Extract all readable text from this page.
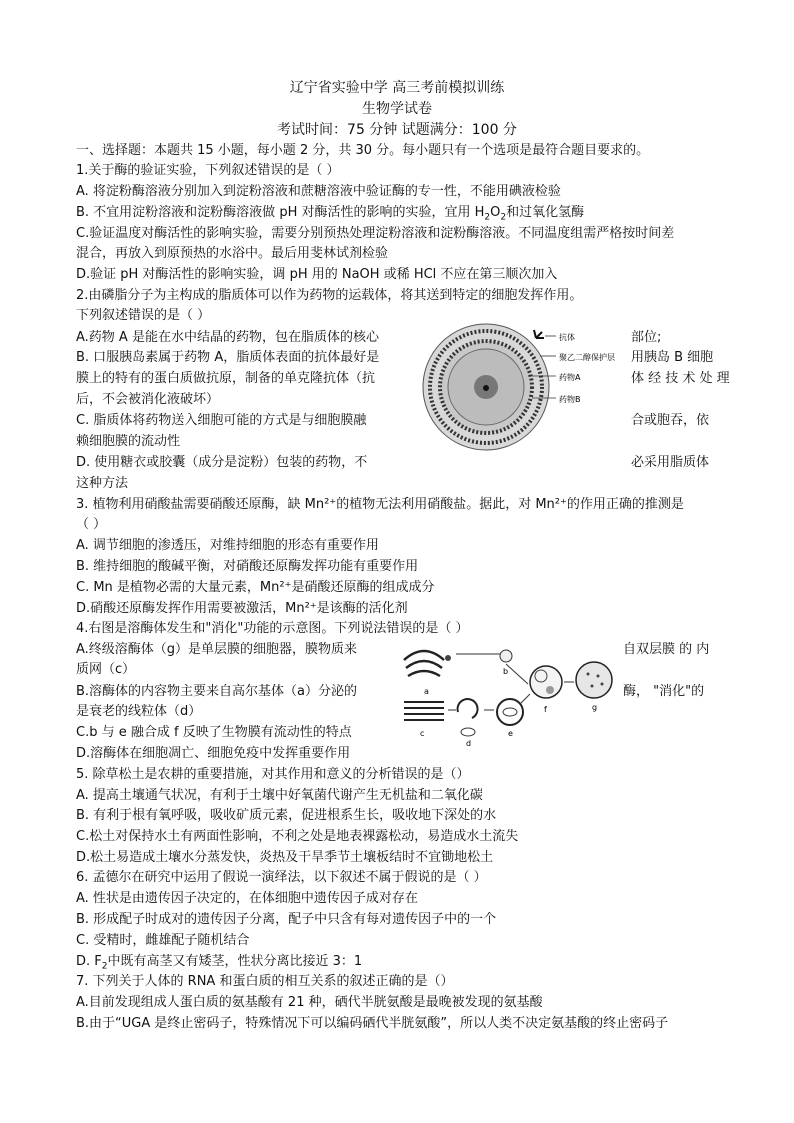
辽宁省实验中学 高三考前模拟训练
生物学试卷
考试时间：75 分钟 试题满分：100 分
一、选择题：本题共 15 小题，每小题 2 分，共 30 分。每小题只有一个选项是最符合题目要求的。
1.关于酶的验证实验，下列叙述错误的是（ ）
A. 将淀粉酶溶液分别加入到淀粉溶液和蔗糖溶液中验证酶的专一性，不能用碘液检验
B. 不宜用淀粉溶液和淀粉酶溶液做 pH 对酶活性的影响的实验，宜用 $H_2O_2$和过氧化氢酶
C.验证温度对酶活性的影响实验，需要分别预热处理淀粉溶液和淀粉酶溶液。不同温度组需严格按时间差
混合，再放入到原预热的水浴中。最后用斐林试剂检验
D.验证 pH 对酶活性的影响实验，调 pH 用的 NaOH 或稀 HCl 不应在第三顺次加入
2.由磷脂分子为主构成的脂质体可以作为药物的运载体，将其送到特定的细胞发挥作用。
下列叙述错误的是（ ）
A.药物 A 是能在水中结晶的药物，包在脂质体的核心	部位;
B. 口服胰岛素属于药物 A，脂质体表面的抗体最好是	用胰岛 B 细胞
膜上的特有的蛋白质做抗原，制备的单克隆抗体（抗	体 经 技 术 处 理
后，不会被消化液破坏）
C. 脂质体将药物送入细胞可能的方式是与细胞膜融	合或胞吞，依
赖细胞膜的流动性
D. 使用糖衣或胶囊（成分是淀粉）包装的药物，不	必采用脂质体
这种方法
抗体
聚乙二醇保护层
药物A
药物B
3. 植物利用硝酸盐需要硝酸还原酶，缺 Mn²⁺的植物无法利用硝酸盐。据此，对 Mn²⁺的作用正确的推测是
（ ）
A. 调节细胞的渗透压，对维持细胞的形态有重要作用
B. 维持细胞的酸碱平衡，对硝酸还原酶发挥功能有重要作用
C. Mn 是植物必需的大量元素，Mn²⁺是硝酸还原酶的组成成分
D.硝酸还原酶发挥作用需要被激活，Mn²⁺是该酶的活化剂
4.右图是溶酶体发生和"消化"功能的示意图。下列说法错误的是（ ）
A.终级溶酶体（g）是单层膜的细胞器，膜物质来	自双层膜 的 内
质网（c）
B.溶酶体的内容物主要来自高尔基体（a）分泌的	酶， "消化"的
是衰老的线粒体（d）
C.b 与 e 融合成 f 反映了生物膜有流动性的特点
D.溶酶体在细胞凋亡、细胞免疫中发挥重要作用
a
b
c
d
e
f	g
5. 除草松土是农耕的重要措施，对其作用和意义的分析错误的是（）
A. 提高土壤通气状况，有利于土壤中好氧菌代谢产生无机盐和二氧化碳
B. 有利于根有氧呼吸，吸收矿质元素，促进根系生长，吸收地下深处的水
C.松土对保持水土有两面性影响，不利之处是地表裸露松动，易造成水土流失
D.松土易造成土壤水分蒸发快，炎热及干旱季节土壤板结时不宜锄地松土
6. 孟德尔在研究中运用了假说一演绎法，以下叙述不属于假说的是（ ）
A. 性状是由遗传因子决定的，在体细胞中遗传因子成对存在
B. 形成配子时成对的遗传因子分离，配子中只含有每对遗传因子中的一个
C. 受精时，雌雄配子随机结合
D. $F_2$中既有高茎又有矮茎，性状分离比接近 3：1
7. 下列关于人体的 RNA 和蛋白质的相互关系的叙述正确的是（）
A.目前发现组成人蛋白质的氨基酸有 21 种，硒代半胱氨酸是最晚被发现的氨基酸
B.由于“UGA 是终止密码子，特殊情况下可以编码硒代半胱氨酸”，所以人类不决定氨基酸的终止密码子
